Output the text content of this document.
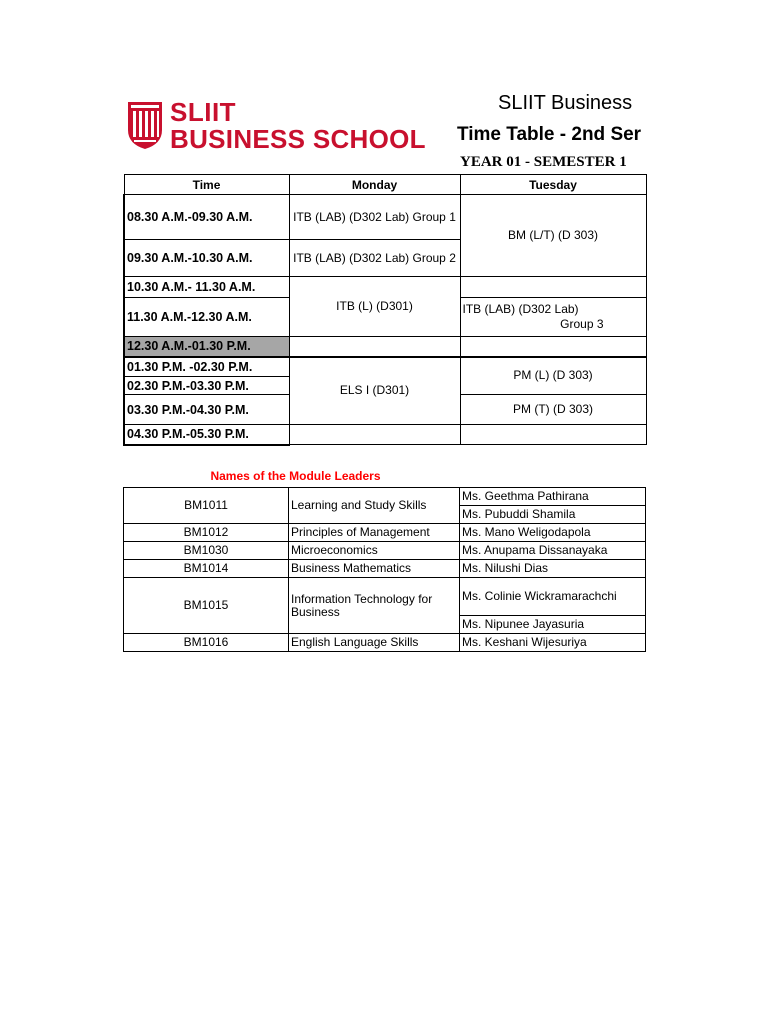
SLIIT
BUSINESS SCHOOL
SLIIT Business
Time Table - 2nd Ser
YEAR 01 - SEMESTER 1
Time	Monday	Tuesday
08.30 A.M.-09.30 A.M.	ITB (LAB) (D302 Lab) Group 1	BM (L/T) (D 303)
09.30 A.M.-10.30 A.M.	ITB (LAB) (D302 Lab) Group 2	
10.30 A.M.- 11.30 A.M.	ITB (L) (D301)	
11.30 A.M.-12.30 A.M.		ITB (LAB) (D302 Lab)
Group 3

12.30 A.M.-01.30 P.M.		
01.30 P.M. -02.30 P.M.	ELS I (D301)	PM (L) (D 303)
02.30 P.M.-03.30 P.M.		
03.30 P.M.-04.30 P.M.		PM (T) (D 303)
04.30 P.M.-05.30 P.M.		
Names of the Module Leaders
BM1011	Learning and Study Skills	Ms. Geethma Pathirana
		Ms. Pubuddi Shamila
BM1012	Principles of Management	Ms. Mano Weligodapola
BM1030	Microeconomics	Ms. Anupama Dissanayaka
BM1014	Business Mathematics	Ms. Nilushi Dias
BM1015	Information Technology for Business	Ms. Colinie Wickramarachchi
		Ms. Nipunee Jayasuria
BM1016	English Language Skills	Ms. Keshani Wijesuriya
